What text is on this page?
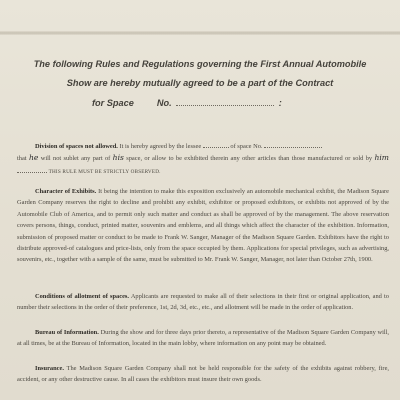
The following Rules and Regulations governing the First Annual Automobile
Show are hereby mutually agreed to be a part of the Contract
for Space No.	:

Division of spaces not allowed. It is hereby agreed by the lessee	of space No.
that he will not sublet any part of his space, or allow to be exhibited therein any other articles than those manufactured or sold by him  THIS RULE MUST BE STRICTLY OBSERVED.

Character of Exhibits. It being the intention to make this exposition exclusively an automobile mechanical exhibit, the Madison Square Garden Company reserves the right to decline and prohibit any exhibit, exhibitor or proposed exhibitors, or exhibits not approved of by the Automobile Club of America, and to permit only such matter and conduct as shall be approved of by the management. The above reservation covers persons, things, conduct, printed matter, souvenirs and emblems, and all things which affect the character of the exhibition. Information, submission of proposed matter or conduct to be made to Frank W. Sanger, Manager of the Madison Square Garden. Exhibitors have the right to distribute approved-of catalogues and price-lists, only from the space occupied by them. Applications for special privileges, such as advertising, souvenirs, etc., together with a sample of the same, must be submitted to Mr. Frank W. Sanger, Manager, not later than October 27th, 1900.

Conditions of allotment of spaces. Applicants are requested to make all of their selections in their first or original application, and to number their selections in the order of their preference, 1st, 2d, 3d, etc., etc., and allotment will be made in the order of application.

Bureau of Information. During the show and for three days prior thereto, a representative of the Madison Square Garden Company will, at all times, be at the Bureau of Information, located in the main lobby, where information on any point may be obtained.

Insurance. The Madison Square Garden Company shall not be held responsible for the safety of the exhibits against robbery, fire, accident, or any other destructive cause. In all cases the exhibitors must insure their own goods.
